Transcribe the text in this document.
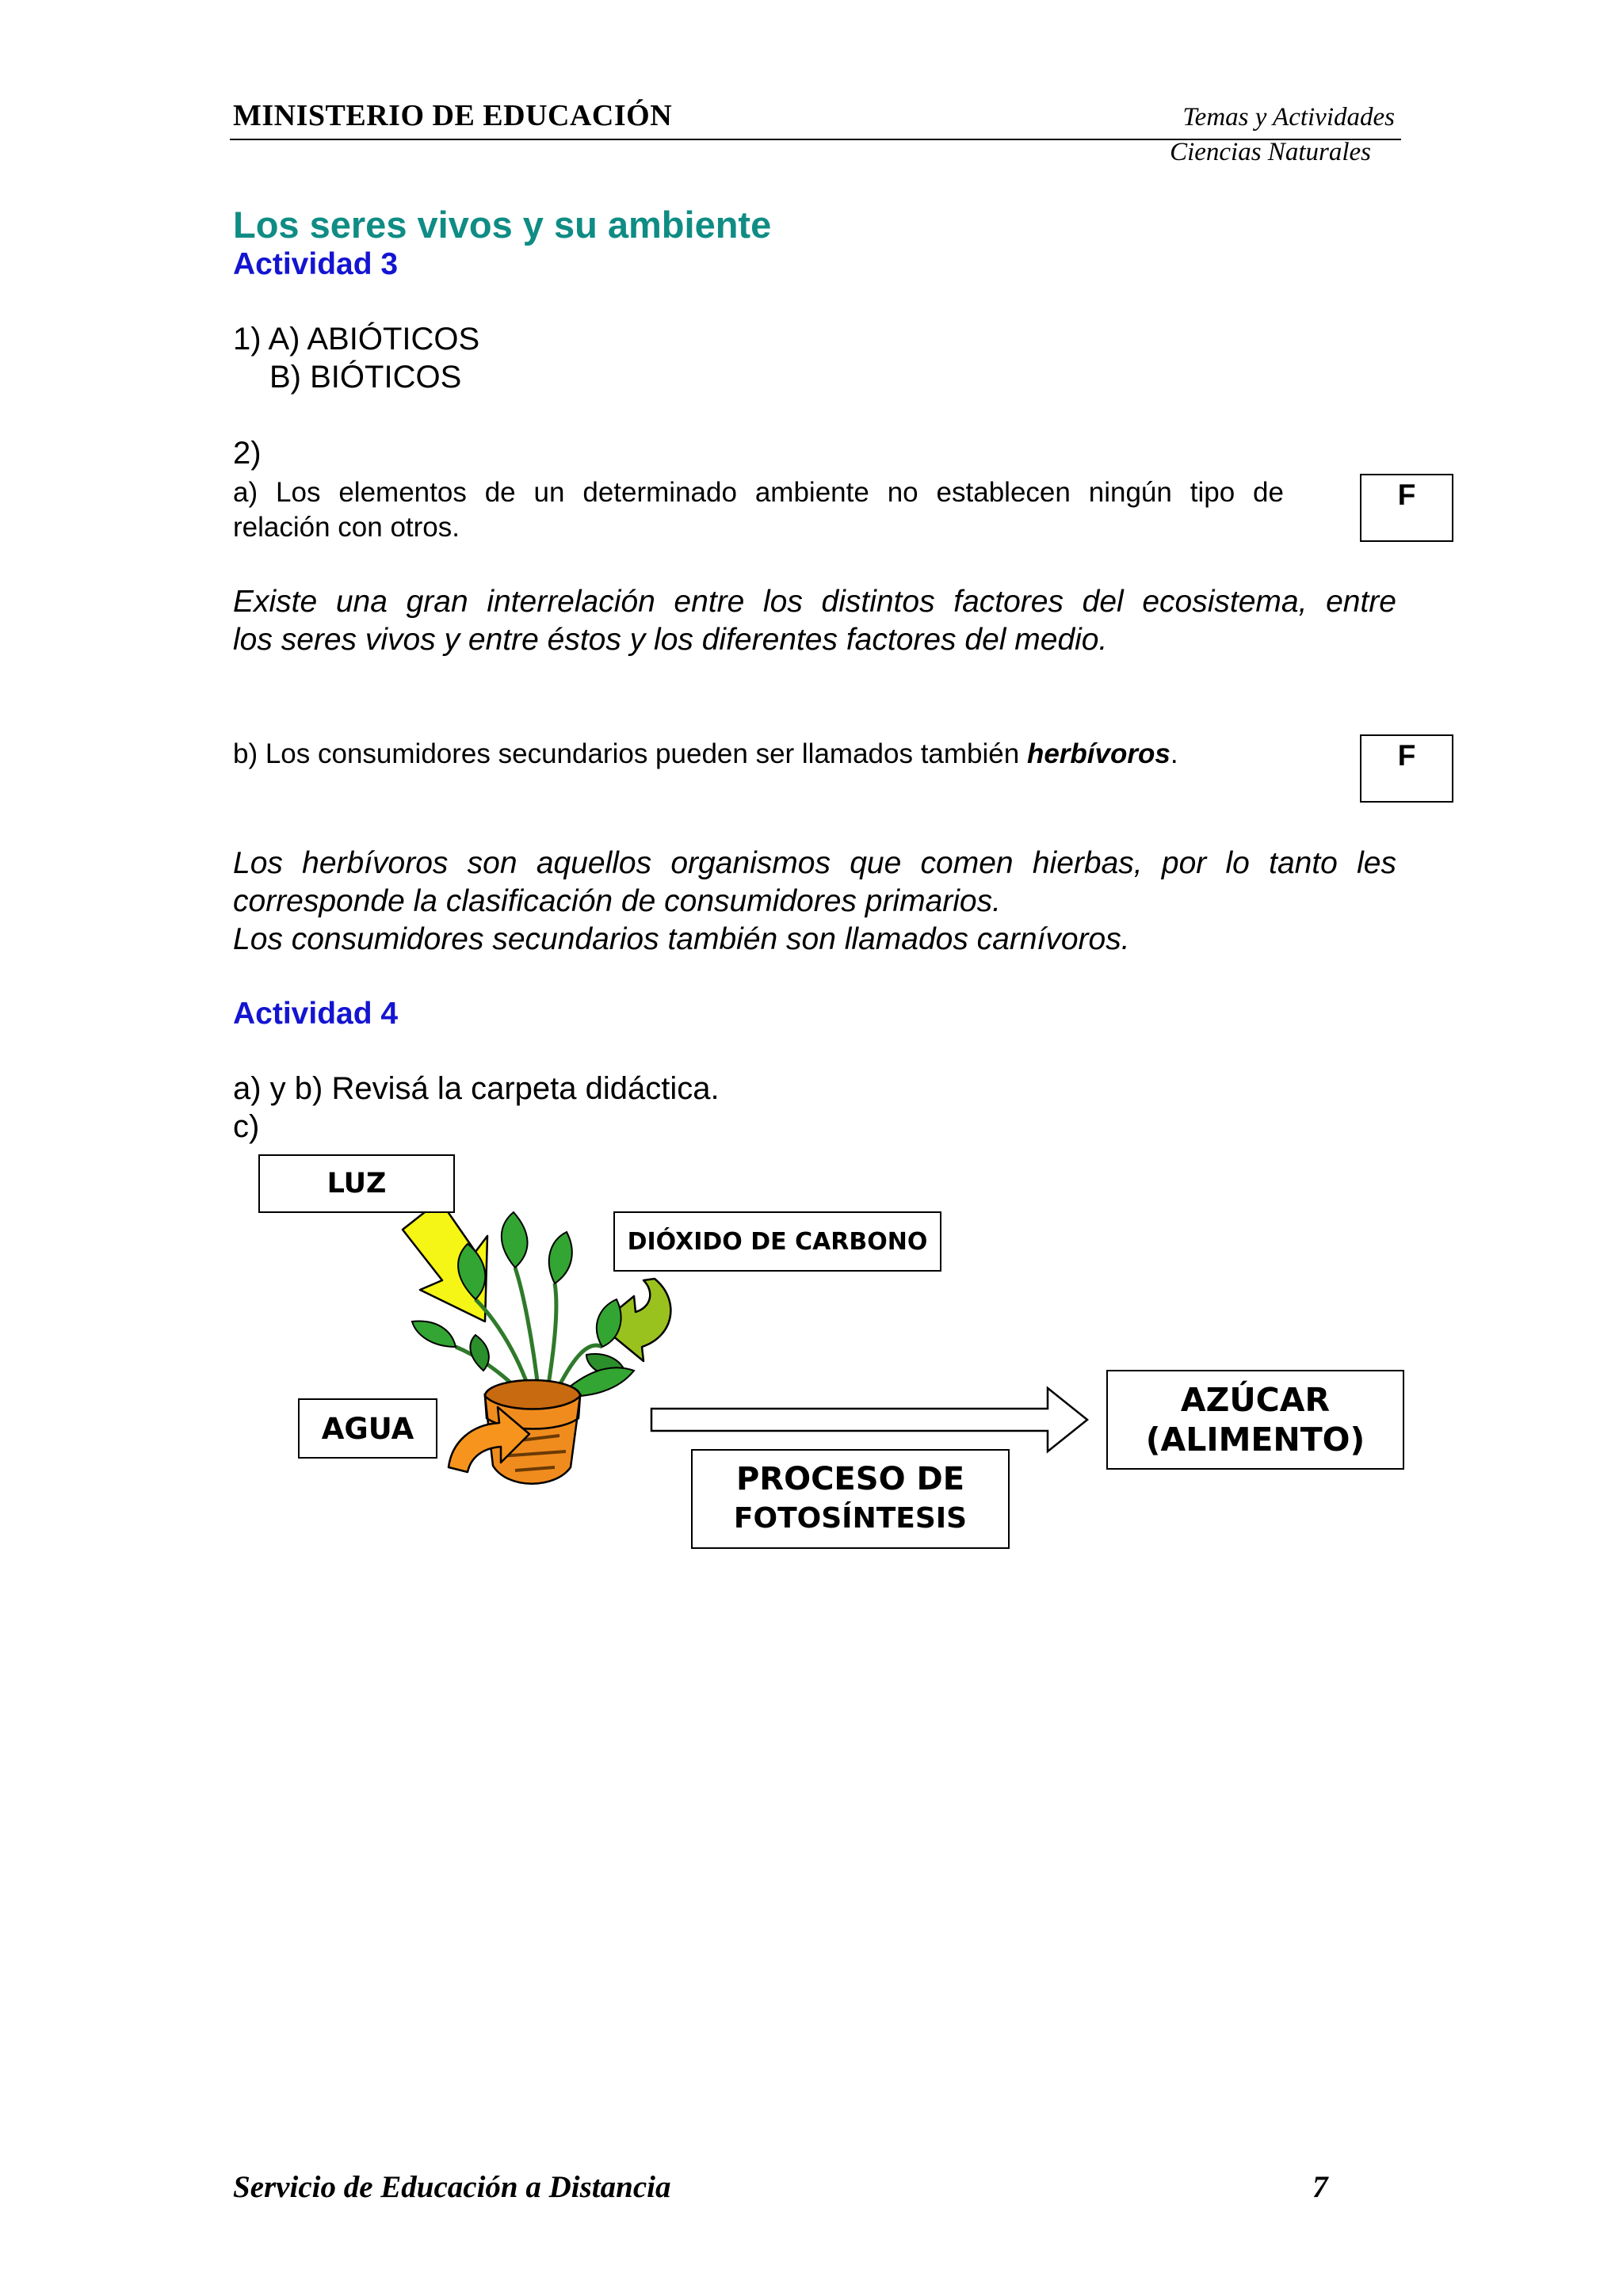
MINISTERIO DE EDUCACIÓN	Temas y Actividades
Ciencias Naturales
Los seres vivos y su ambiente
Actividad 3
1) A) ABIÓTICOS
B) BIÓTICOS
2)
a) Los elementos de un determinado ambiente no establecen ningún tipo de
relación con otros.
F
Existe una gran interrelación entre los distintos factores del ecosistema, entre
los seres vivos y entre éstos y los diferentes factores del medio.
b) Los consumidores secundarios pueden ser llamados también herbívoros.	F
Los herbívoros son aquellos organismos que comen hierbas, por lo tanto les
corresponde la clasificación de consumidores primarios.
Los consumidores secundarios también son llamados carnívoros.
Actividad 4
a) y b) Revisá la carpeta didáctica.
c)
LUZ
DIÓXIDO DE CARBONO
AGUA
AZÚCAR
(ALIMENTO)
PROCESO DE
FOTOSÍNTESIS
Servicio de Educación a Distancia	7
